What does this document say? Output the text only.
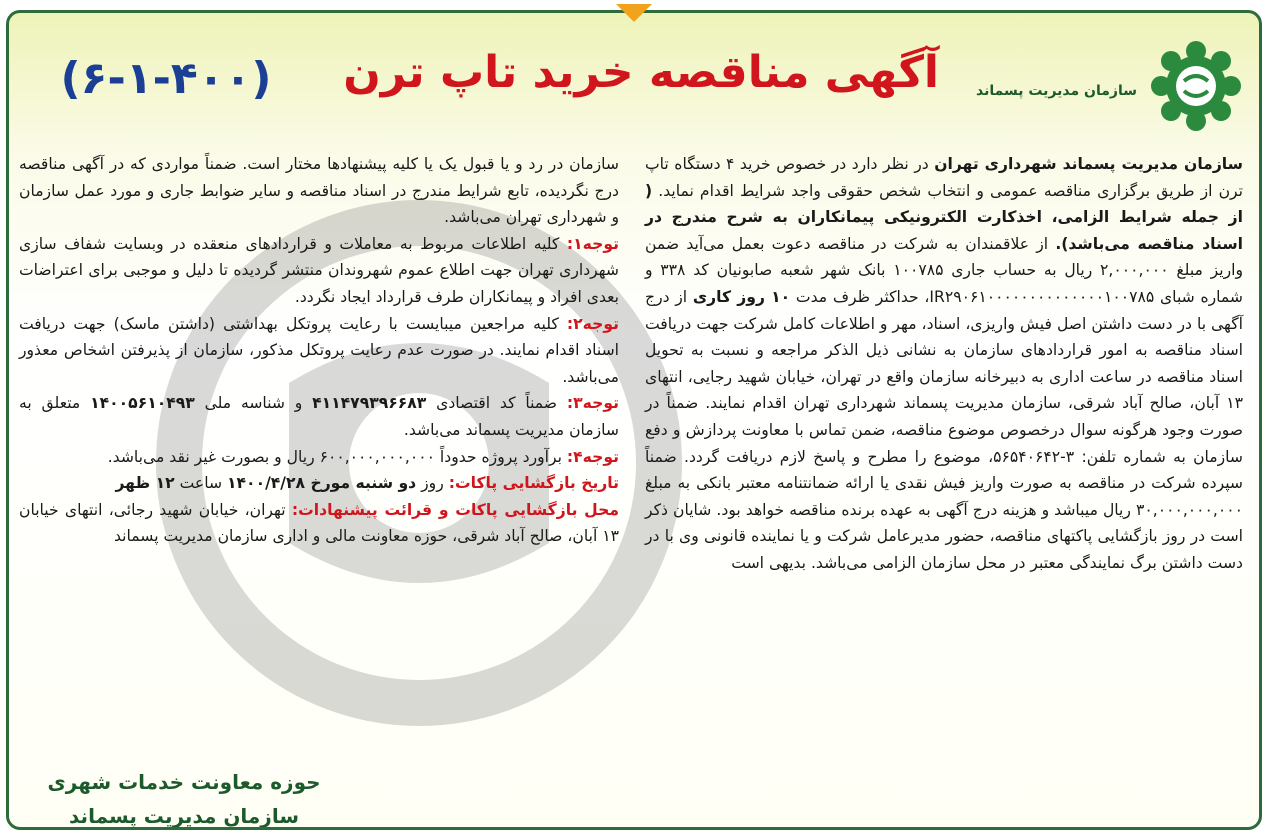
سازمان مدیریت پسماند
آگهی مناقصه خرید تاپ ترن
(۶-۱-۴۰۰)

سازمان مدیریت پسماند شهرداری تهران در نظر دارد در خصوص خرید ۴ دستگاه تاپ ترن از طریق برگزاری مناقصه عمومی و انتخاب شخص حقوقی واجد شرایط اقدام نماید. ( از جمله شرایط الزامی، اخذکارت الکترونیکی پیمانکاران به شرح مندرج در اسناد مناقصه می‌باشد). از علاقمندان به شرکت در مناقصه دعوت بعمل می‌آید ضمن واریز مبلغ ۲,۰۰۰,۰۰۰ ریال به حساب جاری ۱۰۰۷۸۵ بانک شهر شعبه صابونیان کد ۳۳۸ و شماره شبای IR۲۹۰۶۱۰۰۰۰۰۰۰۰۰۰۰۰۰۰۱۰۰۷۸۵، حداکثر ظرف مدت ۱۰ روز کاری از درج آگهی با در دست داشتن اصل فیش واریزی، اسناد، مهر و اطلاعات کامل شرکت جهت دریافت اسناد مناقصه به امور قراردادهای سازمان به نشانی ذیل الذکر مراجعه و نسبت به تحویل اسناد مناقصه در ساعت اداری به دبیرخانه سازمان واقع در تهران، خیابان شهید رجایی، انتهای ۱۳ آبان، صالح آباد شرقی، سازمان مدیریت پسماند شهرداری تهران اقدام نمایند. ضمناً در صورت وجود هرگونه سوال درخصوص موضوع مناقصه، ضمن تماس با معاونت پردازش و دفع سازمان به شماره تلفن: ۳-۵۶۵۴۰۶۴۲، موضوع را مطرح و پاسخ لازم دریافت گردد. ضمناً سپرده شرکت در مناقصه به صورت واریز فیش نقدی یا ارائه ضمانتنامه معتبر بانکی به مبلغ ۳۰,۰۰۰,۰۰۰,۰۰۰ ریال میباشد و هزینه درج آگهی به عهده برنده مناقصه خواهد بود. شایان ذکر است در روز بازگشایی پاکتهای مناقصه، حضور مدیرعامل شرکت و یا نماینده قانونی وی با در دست داشتن برگ نمایندگی معتبر در محل سازمان الزامی می‌باشد. بدیهی است

سازمان در رد و یا قبول یک یا کلیه پیشنهادها مختار است. ضمناً مواردی که در آگهی مناقصه درج نگردیده، تابع شرایط مندرج در اسناد مناقصه و سایر ضوابط جاری و مورد عمل سازمان و شهرداری تهران می‌باشد.

توجه۱: کلیه اطلاعات مربوط به معاملات و قراردادهای منعقده در وبسایت شفاف سازی شهرداری تهران جهت اطلاع عموم شهروندان منتشر گردیده تا دلیل و موجبی برای اعتراضات بعدی افراد و پیمانکاران طرف قرارداد ایجاد نگردد.

توجه۲: کلیه مراجعین میبایست با رعایت پروتکل بهداشتی (داشتن ماسک) جهت دریافت اسناد اقدام نمایند. در صورت عدم رعایت پروتکل مذکور، سازمان از پذیرفتن اشخاص معذور می‌باشد.

توجه۳: ضمناً کد اقتصادی ۴۱۱۴۷۹۳۹۶۶۸۳ و شناسه ملی ۱۴۰۰۵۶۱۰۴۹۳ متعلق به سازمان مدیریت پسماند می‌باشد.

توجه۴: برآورد پروژه حدوداً ۶۰۰,۰۰۰,۰۰۰,۰۰۰ ریال و بصورت غیر نقد می‌باشد.

تاریخ بازگشایی پاکات: روز دو شنبه مورخ ۱۴۰۰/۴/۲۸ ساعت ۱۲ ظهر

محل بازگشایی پاکات و قرائت پیشنهادات: تهران، خیابان شهید رجائی، انتهای خیابان ۱۳ آبان، صالح آباد شرقی، حوزه معاونت مالی و اداری سازمان مدیریت پسماند

حوزه معاونت خدمات شهری
سازمان مدیریت پسماند
